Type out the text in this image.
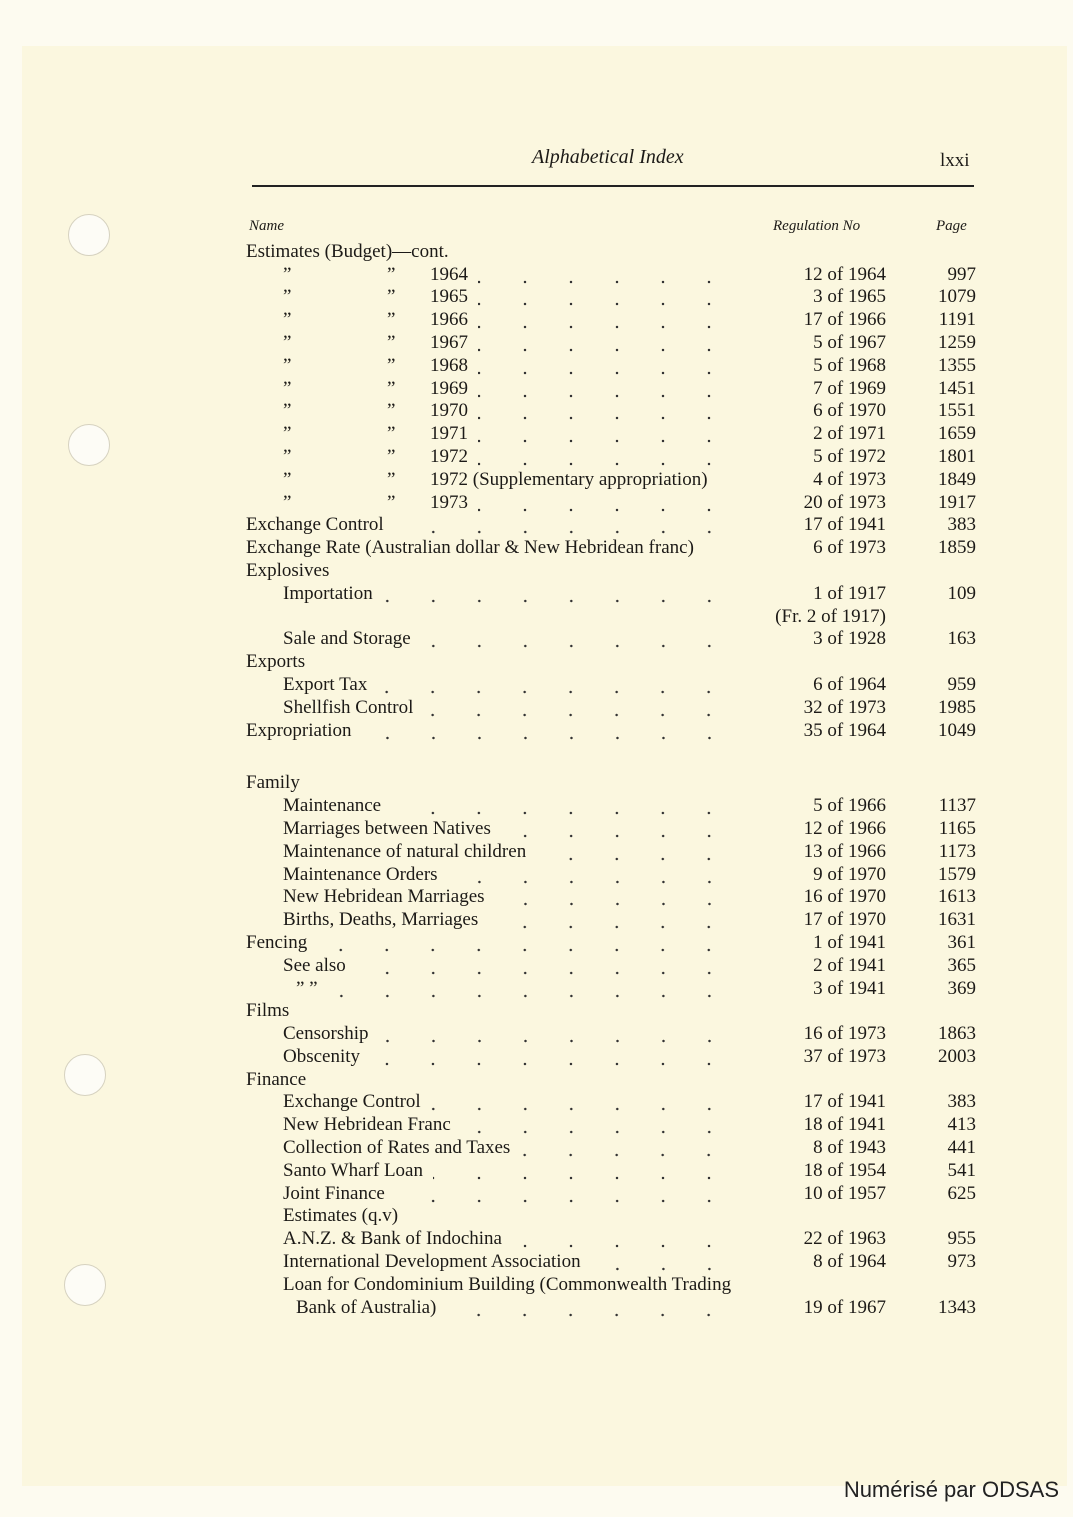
Alphabetical Index	lxxi
Name	Regulation No	Page
Estimates (Budget)—cont.
”	”	1964	12 of 1964	997
”	”	1965	3 of 1965	1079
”	”	1966	17 of 1966	1191
”	”	1967	5 of 1967	1259
”	”	1968	5 of 1968	1355
”	”	1969	7 of 1969	1451
”	”	1970	6 of 1970	1551
”	”	1971	2 of 1971	1659
”	”	1972	5 of 1972	1801
”	”	1972 (Supplementary appropriation)	4 of 1973	1849
”	”	1973	20 of 1973	1917
Exchange Control	17 of 1941	383
Exchange Rate (Australian dollar & New Hebridean franc)	6 of 1973	1859
Explosives
Importation	1 of 1917	109
(Fr. 2 of 1917)
Sale and Storage	3 of 1928	163
Exports
Export Tax	6 of 1964	959
Shellfish Control	32 of 1973	1985
Expropriation	35 of 1964	1049
Family
Maintenance	5 of 1966	1137
Marriages between Natives	12 of 1966	1165
Maintenance of natural children	13 of 1966	1173
Maintenance Orders	9 of 1970	1579
New Hebridean Marriages	16 of 1970	1613
Births, Deaths, Marriages	17 of 1970	1631
Fencing	1 of 1941	361
See also	2 of 1941	365
” ”	3 of 1941	369
Films
Censorship	16 of 1973	1863
Obscenity	37 of 1973	2003
Finance
Exchange Control	17 of 1941	383
New Hebridean Franc	18 of 1941	413
Collection of Rates and Taxes	8 of 1943	441
Santo Wharf Loan	18 of 1954	541
Joint Finance	10 of 1957	625
Estimates (q.v)
A.N.Z. & Bank of Indochina	22 of 1963	955
International Development Association	8 of 1964	973
Loan for Condominium Building (Commonwealth Trading
Bank of Australia)	19 of 1967	1343
Numérisé par ODSAS
